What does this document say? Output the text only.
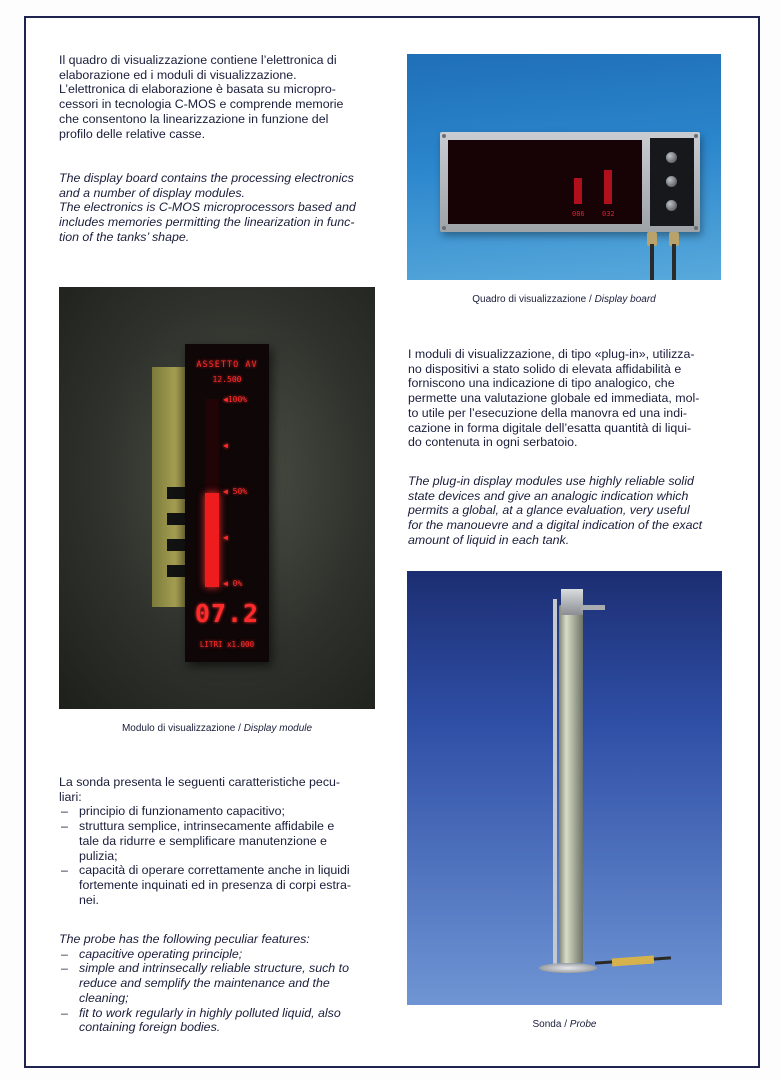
Il quadro di visualizzazione contiene l’elettronica di

elaborazione ed i moduli di visualizzazione.

L’elettronica di elaborazione è basata su micropro-

cessori in tecnologia C-MOS e comprende memorie

che consentono la linearizzazione in funzione del

profilo delle relative casse.

The display board contains the processing electronics

and a number of display modules.

The electronics is C-MOS microprocessors based and

includes memories permitting the linearization in func-

tion of the tanks’ shape.

086 032
Quadro di visualizzazione / Display board
ASSETTO AV
12.500
◀100%
◀
◀ 50%
◀
◀ 0%
07.2
LITRI x1.000
Modulo di visualizzazione / Display module

I moduli di visualizzazione, di tipo «plug-in», utilizza-

no dispositivi a stato solido di elevata affidabilità e

forniscono una indicazione di tipo analogico, che

permette una valutazione globale ed immediata, mol-

to utile per l’esecuzione della manovra ed una indi-

cazione in forma digitale dell’esatta quantità di liqui-

do contenuta in ogni serbatoio.

The plug-in display modules use highly reliable solid

state devices and give an analogic indication which

permits a global, at a glance evaluation, very useful

for the manouevre and a digital indication of the exact

amount of liquid in each tank.

Sonda / Probe

La sonda presenta le seguenti caratteristiche pecu-

liari:

– principio di funzionamento capacitivo;

– struttura semplice, intrinsecamente affidabile e

tale da ridurre e semplificare manutenzione e

pulizia;

– capacità di operare correttamente anche in liquidi

fortemente inquinati ed in presenza di corpi estra-

nei.

The probe has the following peculiar features:

– capacitive operating principle;

– simple and intrinsecally reliable structure, such to

reduce and semplify the maintenance and the

cleaning;

– fit to work regularly in highly polluted liquid, also

containing foreign bodies.
